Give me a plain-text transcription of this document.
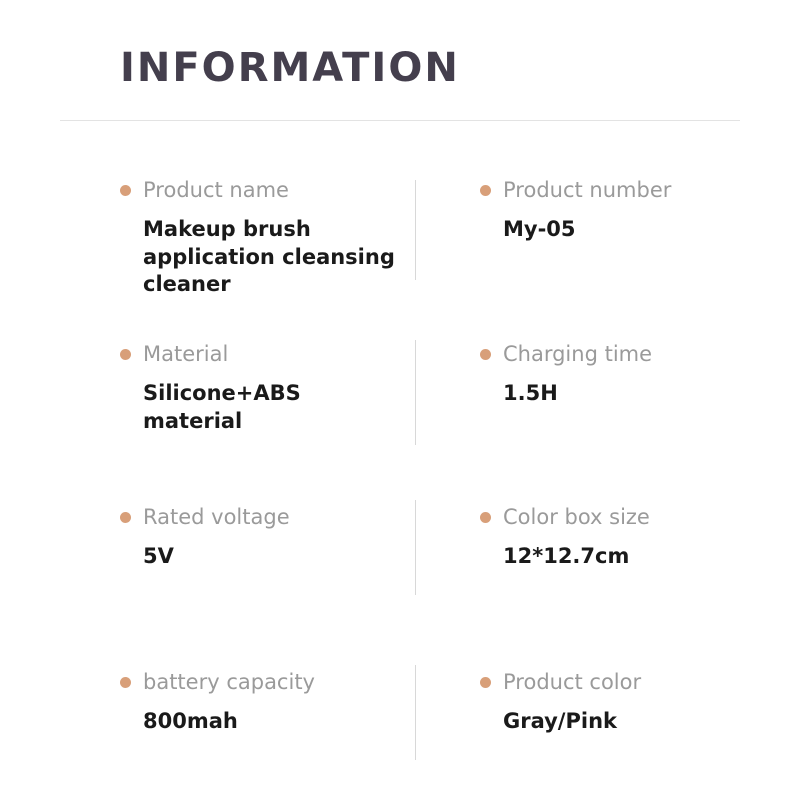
INFORMATION
Product name
Makeup brush application cleansing cleaner
Product number
My-05
Material
Silicone+ABS material
Charging time
1.5H
Rated voltage
5V
Color box size
12*12.7cm
battery capacity
800mah
Product color
Gray/Pink
